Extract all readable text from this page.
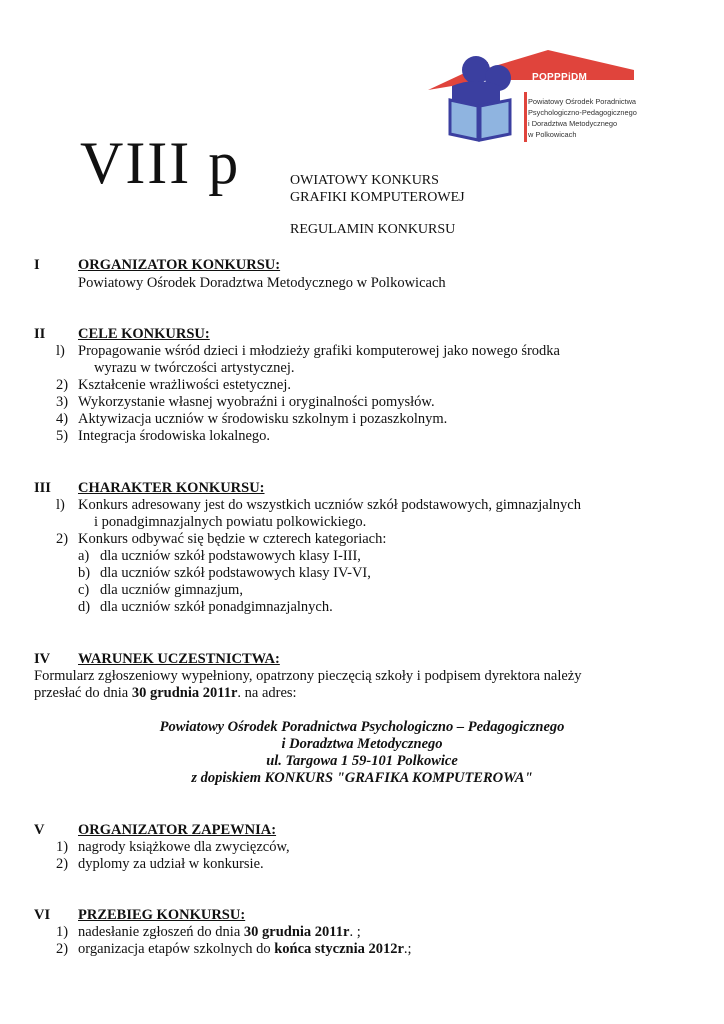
POPPPiDM
Powiatowy Ośrodek Poradnictwa
Psychologiczno-Pedagogicznego
i Doradztwa Metodycznego
w Polkowicach
VIII p	OWIATOWY KONKURS
GRAFIKI KOMPUTEROWEJ
REGULAMIN KONKURSU
I	ORGANIZATOR KONKURSU:
Powiatowy Ośrodek Doradztwa Metodycznego w Polkowicach
II CELE KONKURSU:
l) Propagowanie wśród dzieci i młodzieży grafiki komputerowej jako nowego środka
wyrazu w twórczości artystycznej.
2) Kształcenie wrażliwości estetycznej.
3) Wykorzystanie własnej wyobraźni i oryginalności pomysłów.
4) Aktywizacja uczniów w środowisku szkolnym i pozaszkolnym.
5) Integracja środowiska lokalnego.
III CHARAKTER KONKURSU:
l) Konkurs adresowany jest do wszystkich uczniów szkół podstawowych, gimnazjalnych
i ponadgimnazjalnych powiatu polkowickiego.
2) Konkurs odbywać się będzie w czterech kategoriach:
a) dla uczniów szkół podstawowych klasy I-III,
b) dla uczniów szkół podstawowych klasy IV-VI,
c) dla uczniów gimnazjum,
d) dla uczniów szkół ponadgimnazjalnych.
IV WARUNEK UCZESTNICTWA:
Formularz zgłoszeniowy wypełniony, opatrzony pieczęcią szkoły i podpisem dyrektora należy
przesłać do dnia 30 grudnia 2011r. na adres:
Powiatowy Ośrodek Poradnictwa Psychologiczno – Pedagogicznego
i Doradztwa Metodycznego
ul. Targowa 1 59-101 Polkowice
z dopiskiem KONKURS "GRAFIKA KOMPUTEROWA"
V ORGANIZATOR ZAPEWNIA:
1) nagrody książkowe dla zwycięzców,
2) dyplomy za udział w konkursie.
VI PRZEBIEG KONKURSU:
1) nadesłanie zgłoszeń do dnia 30 grudnia 2011r. ;
2) organizacja etapów szkolnych do końca stycznia 2012r.;
